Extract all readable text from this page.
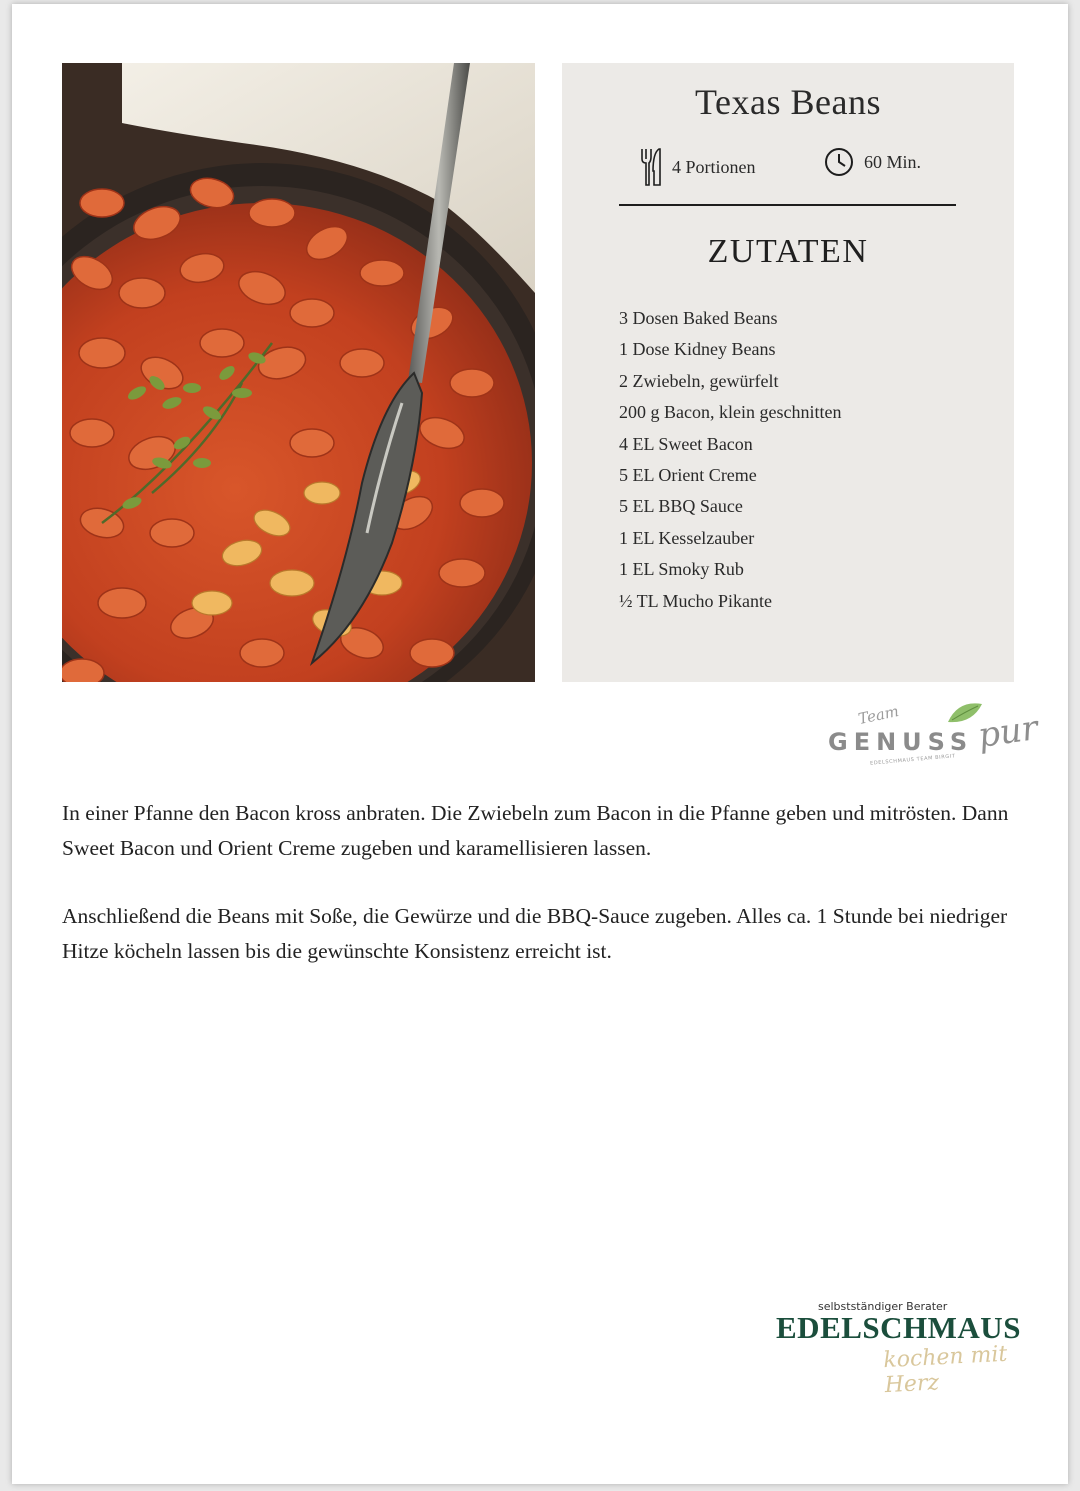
Texas Beans
4 Portionen	60 Min.
ZUTATEN
3 Dosen Baked Beans
1 Dose Kidney Beans
2 Zwiebeln, gewürfelt
200 g Bacon, klein geschnitten
4 EL Sweet Bacon
5 EL Orient Creme
5 EL BBQ Sauce
1 EL Kesselzauber
1 EL Smoky Rub
½ TL Mucho Pikante
Team
GENUSS pur
EDELSCHMAUS TEAM BIRGIT

In einer Pfanne den Bacon kross anbraten. Die Zwiebeln zum Bacon in die Pfanne geben und mitrösten. Dann Sweet Bacon und Orient Creme zugeben und karamellisieren lassen.

Anschließend die Beans mit Soße, die Gewürze und die BBQ-Sauce zugeben. Alles ca. 1 Stunde bei niedriger Hitze köcheln lassen bis die gewünschte Konsistenz erreicht ist.

selbstständiger Berater
EDELSCHMAUS
kochen mit Herz
